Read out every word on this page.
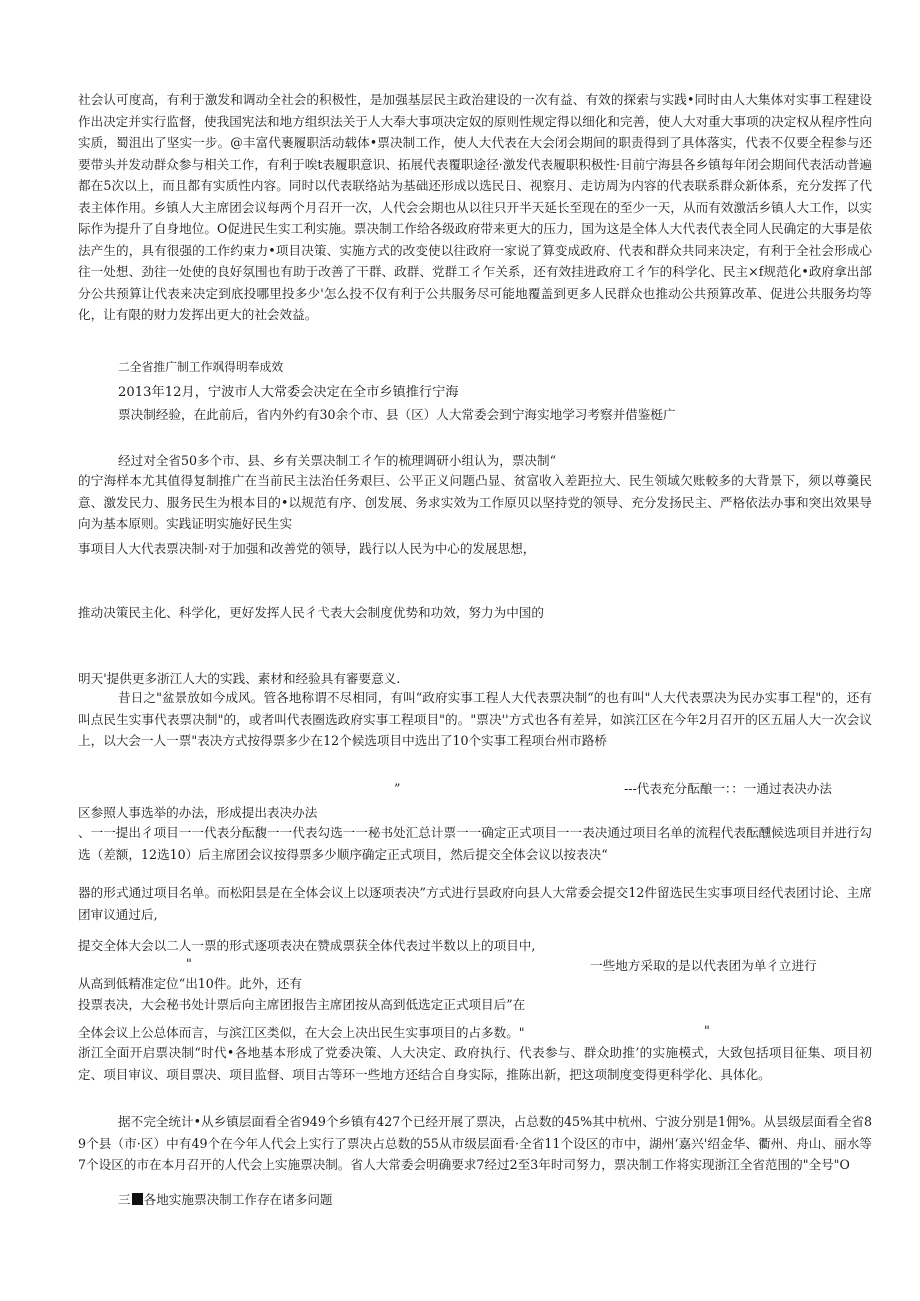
社会认可度高，有利于激发和调动全社会的积极性，是加强基层民主政治建设的一次有益、有效的探索与实践•同时由人大集体对实事工程建设作出决定并实行监督，使我国宪法和地方组织法关于人大奉大事项决定奴的原则性规定得以细化和完善，使人大对重大事项的决定权从程序性向实质，蜀沮出了坚实一步。@丰富代裹履职活动载体•票决制工作，使人大代表在大会闭会期间的职责得到了具体落实，代表不仅要全程参与还要带头并发动群众参与相关工作，有利于唉t表履职意识、拓展代表覆职途径·激发代表履职积极性·目前宁海县各乡镇每年闭会期间代表活动普遍都在5次以上，而且都有实质性内容。同时以代表联络站为基础还形成以选民日、视察月、走访周为内容的代表联系群众新体系，充分发挥了代表主体作用。乡镇人大主席团会议每两个月召开一次，人代会会期也从以往只开半天延长至现在的至少一天，从而有效激活乡镇人大工作，以实际作为提升了自身地位。O促进民生实工利实施。票决制工作给各级政府带来更大的压力，国为这是全体人大代表代表全同人民确定的大事是依法产生的，具有很强的工作约束力•项目决策、实施方式的改变使以往政府一家说了算变成政府、代表和群众共同来决定，有利于全社会形成心往一处想、劲往一处使的良好氛围也有助于改善了干群、政群、党群工彳乍关系，还有效挂进政府工彳乍的科学化、民主×f规范化•政府拿出部分公共预算让代表来决定到底投哪里投多少'怎么投不仅有利于公共服务尽可能地覆盖到更多人民群众也推动公共预算改革、促进公共服务均等化，让有限的财力发挥出更大的社会效益。
二全省推广制工作飒得明奉成效
2013年12月，宁波市人大常委会决定在全市乡镇推行宁海
票决制经验，在此前后，省内外约有30余个市、县（区）人大常委会到宁海实地学习考察并借鉴梃广
经过对全省50多个市、县、乡有关票决制工彳乍的梳理调研小组认为，票决制“
的宁海样本尤其值得复制推广在当前民主法治任务艰巨、公平正义问题凸显、贫富收入差距拉大、民生领域欠账較多的大背景下，须以尊羹民意、激发民力、服务民生为根本目的•以规范有序、创发展、务求实效为工作原贝以坚持党的领导、充分发扬民主、严格依法办事和突出效果导向为基本原则。实践证明实施好民生实
事项目人大代表票决制·对于加强和改善党的领导，践行以人民为中心的发展思想，
推动决策民主化、科学化，更好发挥人民彳弋表大会制度优势和功效，努力为中国的
明天'提供更多浙江人大的实践、素材和经验具有審要意义.
昔日之"盆景放如今成风。管各地称谓不尽相同，有叫“政府实事工程人大代表票决制“的也有叫"人大代表票决为民办实事工程"的，还有叫点民生实事代表票决制"的，或者叫代表圈选政府实事工程项目"的。"票决''方式也各有差异，如滨江区在今年2月召开的区五届人大一次会议上，以大会一人一票"表决方式按得票多少在12个候选项目中选出了10个实事工程项台州市路桥
”	---代表充分酝酿一：：一通过表决办法
区参照人事选举的办法，形成提出表决办法
、一一提出彳项目一一代表分酝馥一一代表勾选一一秘书处汇总计票一一确定正式项目一一表决通过项目名单的流程代表酝醺候选项目并进行勾选（差额，12选10）后主席团会议按得票多少顺序确定正式项目，然后提交全体会议以按表决“
器的形式通过项目名单。而松阳昙是在全体会议上以逐项表决”方式进行昙政府向县人大常委会提交12件留选民生实事项目经代表团讨论、主席团审议通过后,
提交全体大会以二人一票的形式逐项表决在赞成票获全体代表过半数以上的项目中,
"	一些地方采取的是以代表团为单彳立进行
从高到低精准定位“出10件。此外，还有
投票表决，大会秘书处计票后向主席团报告主席团按从高到低选定正式项目后”在
全体会议上公总体而言，与滨江区类似，在大会上决出民生实事项目的占多数。"	"
浙江全面开启票决制“时代•各地基本形成了党委决策、人大决定、政府执行、代表参与、群众助推’的实施模式，大致包括项目征集、项目初定、项目审议、项目票决、项目监督、项目古等环一些地方还结合自身实际，推陈出新，把这项制度变得更科学化、具体化。
据不完全统计•从乡镇层面看全省949个乡镇有427个已经开展了票决，占总数的45%其中杭州、宁波分别是1佣%。从昙级层面看全省89个县（市·区）中有49个在今年人代会上实行了票决占总数的55从市级层面看·全省11个设区的市中，湖州‘嘉兴'绍金华、衢州、舟山、丽水等7个设区的市在本月召开的人代会上实施票决制。省人大常委会明确要求7经过2至3年时司努力，票决制工作将实现浙江全省范围的"全号"O
三 各地实施票决制工作存在诸多问题
